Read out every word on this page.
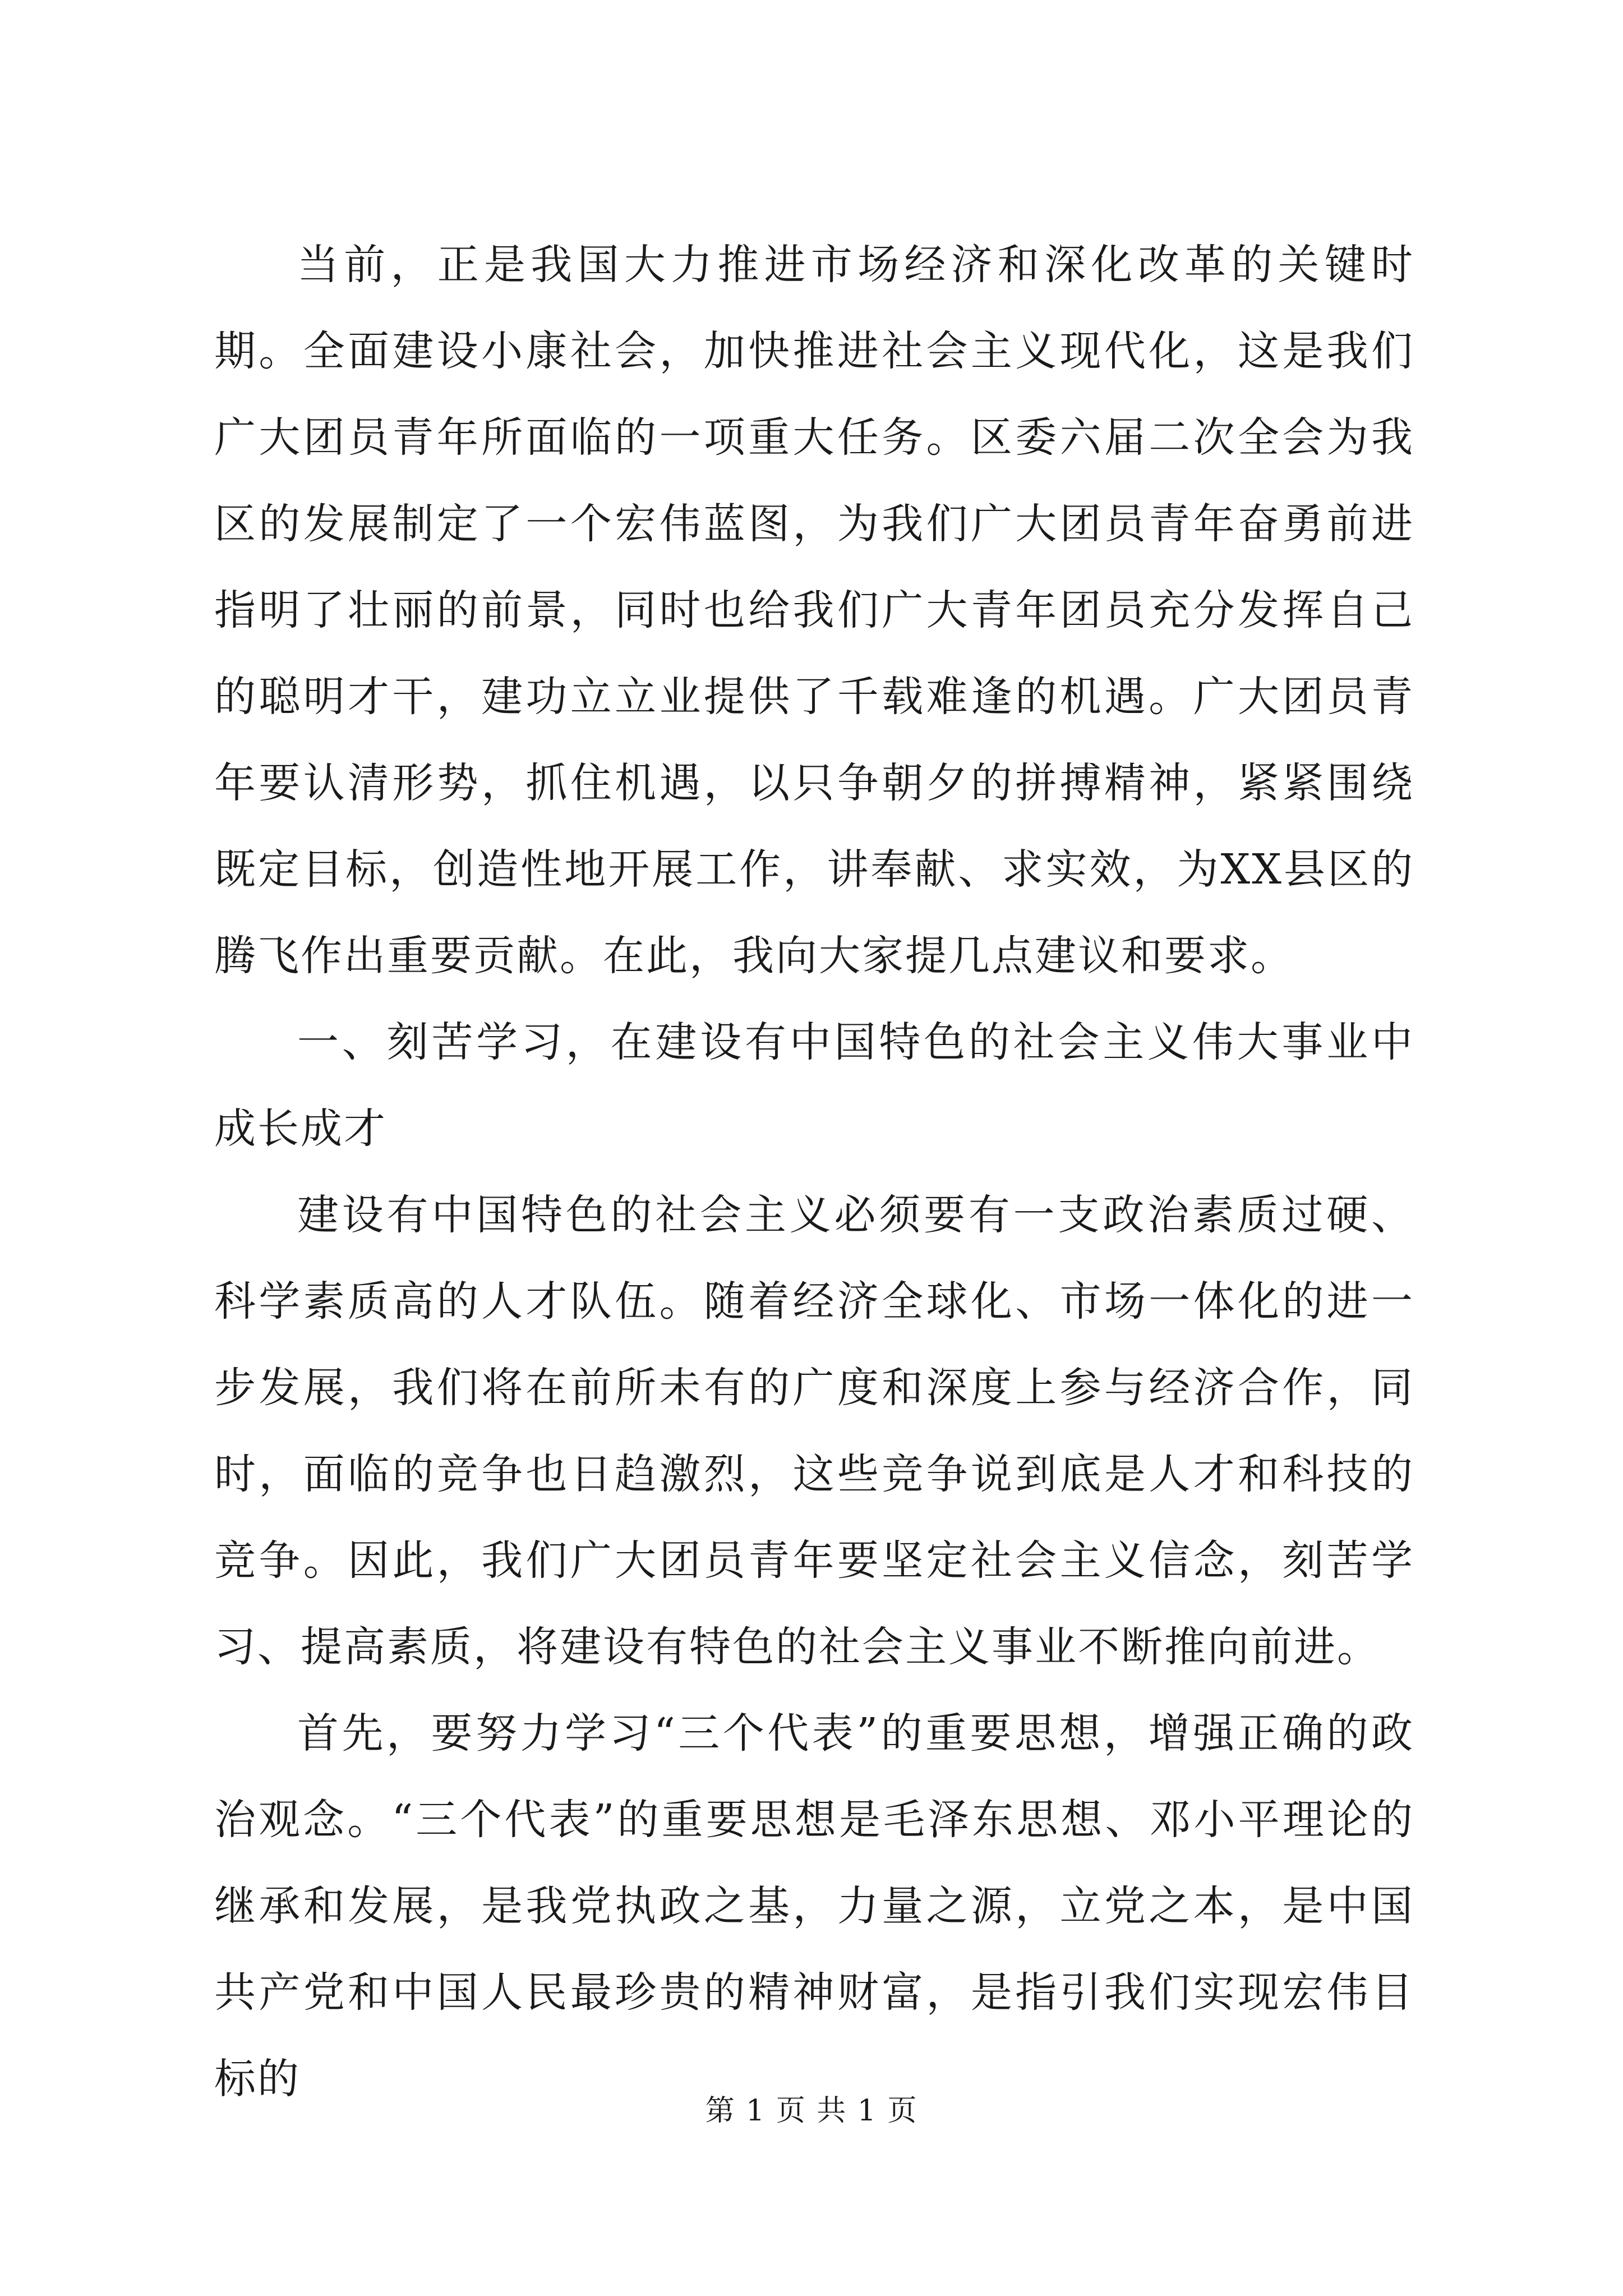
当前，正是我国大力推进市场经济和深化改革的关键时期。全面建设小康社会，加快推进社会主义现代化，这是我们广大团员青年所面临的一项重大任务。区委六届二次全会为我区的发展制定了一个宏伟蓝图，为我们广大团员青年奋勇前进指明了壮丽的前景，同时也给我们广大青年团员充分发挥自己的聪明才干，建功立立业提供了千载难逢的机遇。广大团员青年要认清形势，抓住机遇，以只争朝夕的拼搏精神，紧紧围绕既定目标，创造性地开展工作，讲奉献、求实效，为XX县区的腾飞作出重要贡献。在此，我向大家提几点建议和要求。

一、刻苦学习，在建设有中国特色的社会主义伟大事业中成长成才

建设有中国特色的社会主义必须要有一支政治素质过硬、科学素质高的人才队伍。随着经济全球化、市场一体化的进一步发展，我们将在前所未有的广度和深度上参与经济合作，同时，面临的竞争也日趋激烈，这些竞争说到底是人才和科技的竞争。因此，我们广大团员青年要坚定社会主义信念，刻苦学习、提高素质，将建设有特色的社会主义事业不断推向前进。

首先，要努力学习“三个代表”的重要思想，增强正确的政治观念。“三个代表”的重要思想是毛泽东思想、邓小平理论的继承和发展，是我党执政之基，力量之源，立党之本，是中国共产党和中国人民最珍贵的精神财富，是指引我们实现宏伟目标的

第 1 页 共 1 页
